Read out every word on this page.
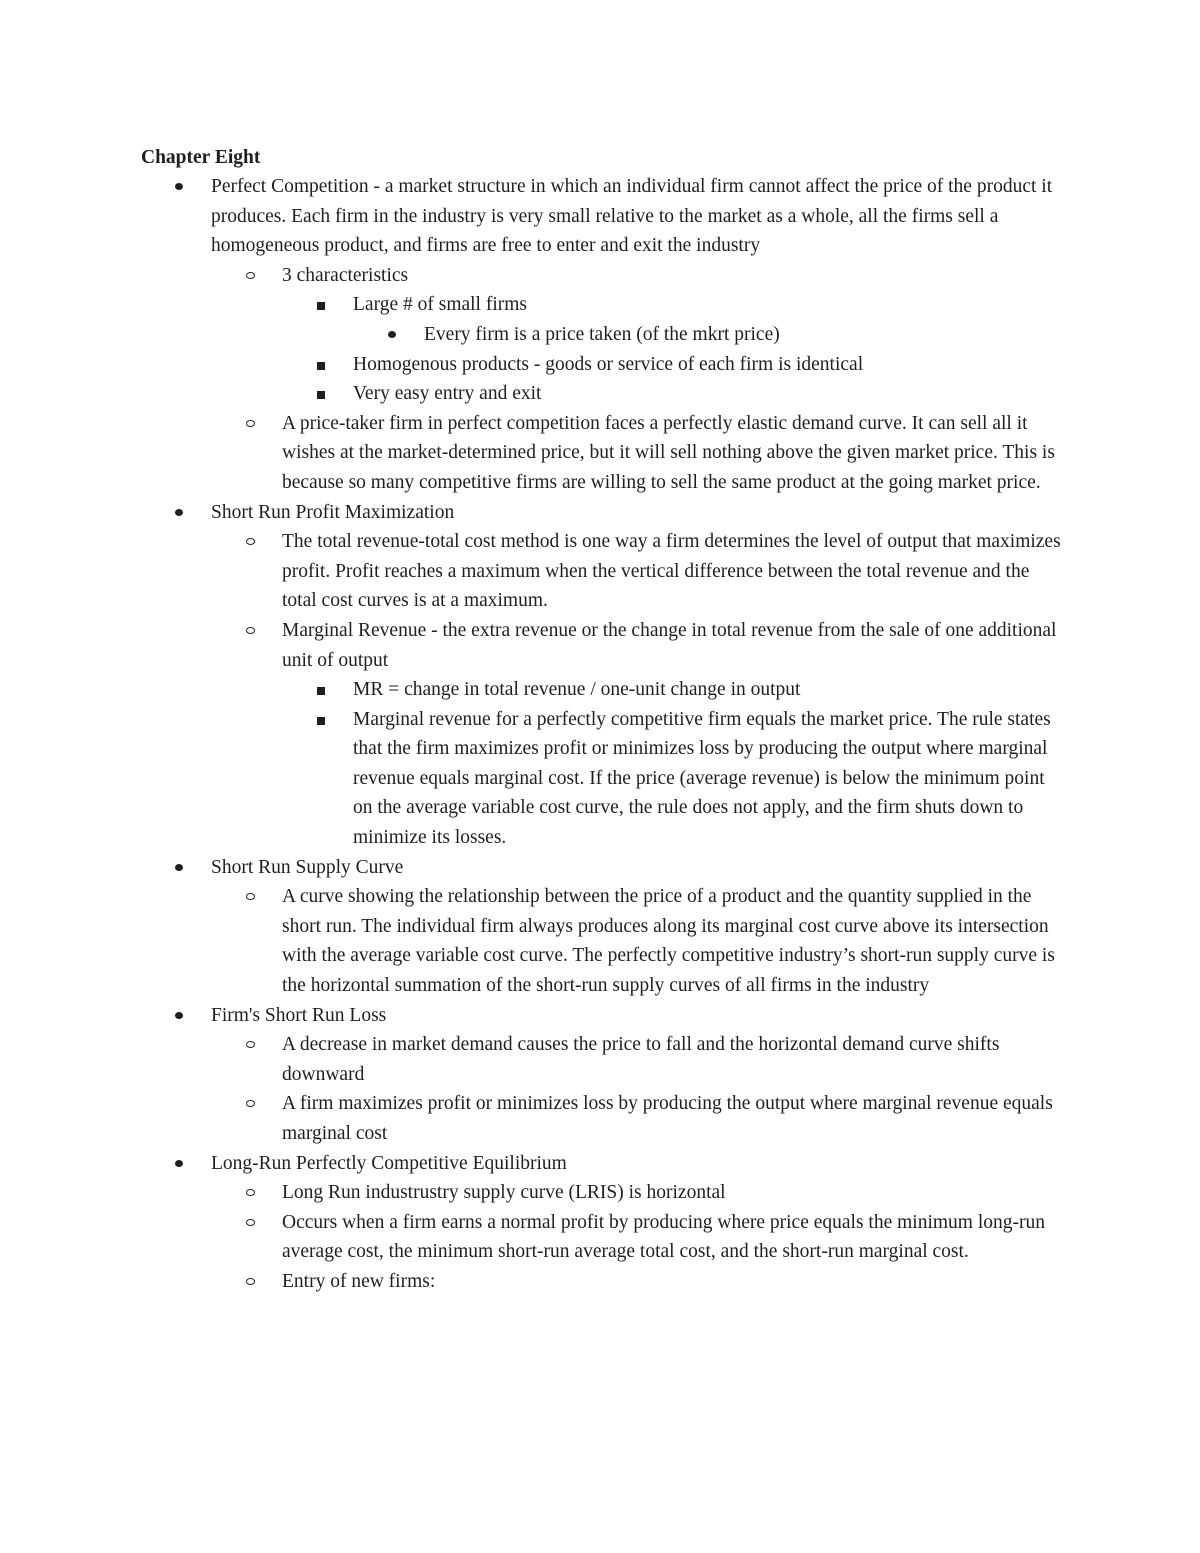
Chapter Eight
Perfect Competition - a market structure in which an individual firm cannot affect the price of the product it produces. Each firm in the industry is very small relative to the market as a whole, all the firms sell a homogeneous product, and firms are free to enter and exit the industry
3 characteristics
Large # of small firms
Every firm is a price taken (of the mkrt price)
Homogenous products - goods or service of each firm is identical
Very easy entry and exit
A price-taker firm in perfect competition faces a perfectly elastic demand curve. It can sell all it wishes at the market-determined price, but it will sell nothing above the given market price. This is because so many competitive firms are willing to sell the same product at the going market price.
Short Run Profit Maximization
The total revenue-total cost method is one way a firm determines the level of output that maximizes profit. Profit reaches a maximum when the vertical difference between the total revenue and the total cost curves is at a maximum.
Marginal Revenue - the extra revenue or the change in total revenue from the sale of one additional unit of output
MR = change in total revenue / one-unit change in output
Marginal revenue for a perfectly competitive firm equals the market price. The rule states that the firm maximizes profit or minimizes loss by producing the output where marginal revenue equals marginal cost. If the price (average revenue) is below the minimum point on the average variable cost curve, the rule does not apply, and the firm shuts down to minimize its losses.
Short Run Supply Curve
A curve showing the relationship between the price of a product and the quantity supplied in the short run. The individual firm always produces along its marginal cost curve above its intersection with the average variable cost curve. The perfectly competitive industry’s short-run supply curve is the horizontal summation of the short-run supply curves of all firms in the industry
Firm's Short Run Loss
A decrease in market demand causes the price to fall and the horizontal demand curve shifts downward
A firm maximizes profit or minimizes loss by producing the output where marginal revenue equals marginal cost
Long-Run Perfectly Competitive Equilibrium
Long Run industrustry supply curve (LRIS) is horizontal
Occurs when a firm earns a normal profit by producing where price equals the minimum long-run average cost, the minimum short-run average total cost, and the short-run marginal cost.
Entry of new firms:
